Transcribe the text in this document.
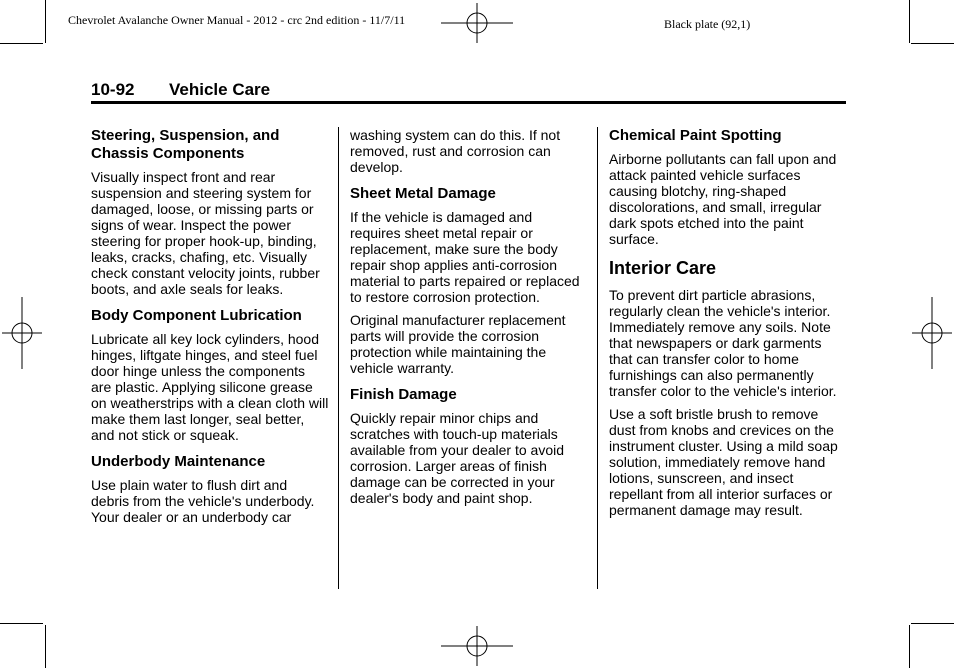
Chevrolet Avalanche Owner Manual - 2012 - crc 2nd edition - 11/7/11	Black plate (92,1)
10-92 Vehicle Care
Steering, Suspension, and Chassis Components

Visually inspect front and rear suspension and steering system for damaged, loose, or missing parts or signs of wear. Inspect the power steering for proper hook-up, binding, leaks, cracks, chafing, etc. Visually check constant velocity joints, rubber boots, and axle seals for leaks.

Body Component Lubrication

Lubricate all key lock cylinders, hood hinges, liftgate hinges, and steel fuel door hinge unless the components are plastic. Applying silicone grease on weatherstrips with a clean cloth will make them last longer, seal better, and not stick or squeak.

Underbody Maintenance

Use plain water to flush dirt and debris from the vehicle's underbody. Your dealer or an underbody car

washing system can do this. If not removed, rust and corrosion can develop.

Sheet Metal Damage

If the vehicle is damaged and requires sheet metal repair or replacement, make sure the body repair shop applies anti-corrosion material to parts repaired or replaced to restore corrosion protection.

Original manufacturer replacement parts will provide the corrosion protection while maintaining the vehicle warranty.

Finish Damage

Quickly repair minor chips and scratches with touch-up materials available from your dealer to avoid corrosion. Larger areas of finish damage can be corrected in your dealer's body and paint shop.

Chemical Paint Spotting

Airborne pollutants can fall upon and attack painted vehicle surfaces causing blotchy, ring-shaped discolorations, and small, irregular dark spots etched into the paint surface.

Interior Care

To prevent dirt particle abrasions, regularly clean the vehicle's interior. Immediately remove any soils. Note that newspapers or dark garments that can transfer color to home furnishings can also permanently transfer color to the vehicle's interior.

Use a soft bristle brush to remove dust from knobs and crevices on the instrument cluster. Using a mild soap solution, immediately remove hand lotions, sunscreen, and insect repellant from all interior surfaces or permanent damage may result.
